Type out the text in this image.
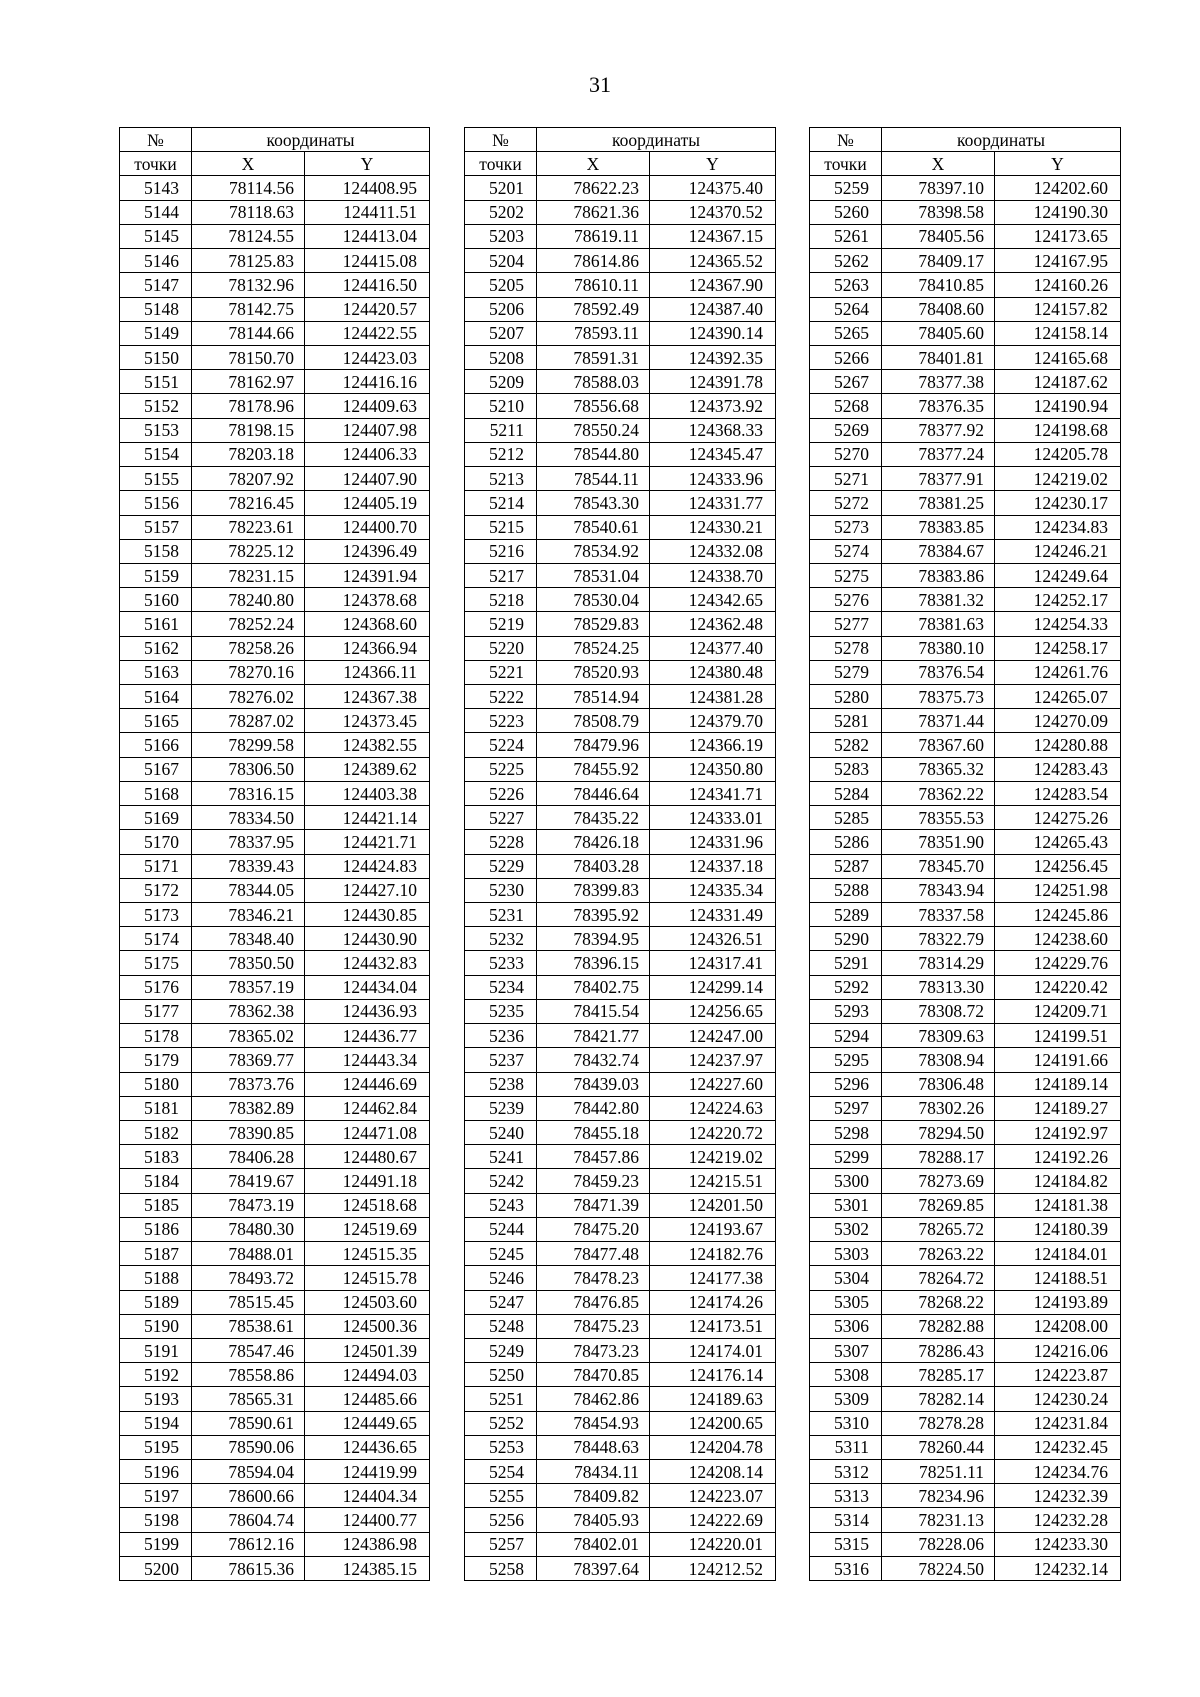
31
№	координаты	
точки	X	Y
5143	78114.56	124408.95
5144	78118.63	124411.51
5145	78124.55	124413.04
5146	78125.83	124415.08
5147	78132.96	124416.50
5148	78142.75	124420.57
5149	78144.66	124422.55
5150	78150.70	124423.03
5151	78162.97	124416.16
5152	78178.96	124409.63
5153	78198.15	124407.98
5154	78203.18	124406.33
5155	78207.92	124407.90
5156	78216.45	124405.19
5157	78223.61	124400.70
5158	78225.12	124396.49
5159	78231.15	124391.94
5160	78240.80	124378.68
5161	78252.24	124368.60
5162	78258.26	124366.94
5163	78270.16	124366.11
5164	78276.02	124367.38
5165	78287.02	124373.45
5166	78299.58	124382.55
5167	78306.50	124389.62
5168	78316.15	124403.38
5169	78334.50	124421.14
5170	78337.95	124421.71
5171	78339.43	124424.83
5172	78344.05	124427.10
5173	78346.21	124430.85
5174	78348.40	124430.90
5175	78350.50	124432.83
5176	78357.19	124434.04
5177	78362.38	124436.93
5178	78365.02	124436.77
5179	78369.77	124443.34
5180	78373.76	124446.69
5181	78382.89	124462.84
5182	78390.85	124471.08
5183	78406.28	124480.67
5184	78419.67	124491.18
5185	78473.19	124518.68
5186	78480.30	124519.69
5187	78488.01	124515.35
5188	78493.72	124515.78
5189	78515.45	124503.60
5190	78538.61	124500.36
5191	78547.46	124501.39
5192	78558.86	124494.03
5193	78565.31	124485.66
5194	78590.61	124449.65
5195	78590.06	124436.65
5196	78594.04	124419.99
5197	78600.66	124404.34
5198	78604.74	124400.77
5199	78612.16	124386.98
5200	78615.36	124385.15
№	координаты	
точки	X	Y
5201	78622.23	124375.40
5202	78621.36	124370.52
5203	78619.11	124367.15
5204	78614.86	124365.52
5205	78610.11	124367.90
5206	78592.49	124387.40
5207	78593.11	124390.14
5208	78591.31	124392.35
5209	78588.03	124391.78
5210	78556.68	124373.92
5211	78550.24	124368.33
5212	78544.80	124345.47
5213	78544.11	124333.96
5214	78543.30	124331.77
5215	78540.61	124330.21
5216	78534.92	124332.08
5217	78531.04	124338.70
5218	78530.04	124342.65
5219	78529.83	124362.48
5220	78524.25	124377.40
5221	78520.93	124380.48
5222	78514.94	124381.28
5223	78508.79	124379.70
5224	78479.96	124366.19
5225	78455.92	124350.80
5226	78446.64	124341.71
5227	78435.22	124333.01
5228	78426.18	124331.96
5229	78403.28	124337.18
5230	78399.83	124335.34
5231	78395.92	124331.49
5232	78394.95	124326.51
5233	78396.15	124317.41
5234	78402.75	124299.14
5235	78415.54	124256.65
5236	78421.77	124247.00
5237	78432.74	124237.97
5238	78439.03	124227.60
5239	78442.80	124224.63
5240	78455.18	124220.72
5241	78457.86	124219.02
5242	78459.23	124215.51
5243	78471.39	124201.50
5244	78475.20	124193.67
5245	78477.48	124182.76
5246	78478.23	124177.38
5247	78476.85	124174.26
5248	78475.23	124173.51
5249	78473.23	124174.01
5250	78470.85	124176.14
5251	78462.86	124189.63
5252	78454.93	124200.65
5253	78448.63	124204.78
5254	78434.11	124208.14
5255	78409.82	124223.07
5256	78405.93	124222.69
5257	78402.01	124220.01
5258	78397.64	124212.52
№	координаты	
точки	X	Y
5259	78397.10	124202.60
5260	78398.58	124190.30
5261	78405.56	124173.65
5262	78409.17	124167.95
5263	78410.85	124160.26
5264	78408.60	124157.82
5265	78405.60	124158.14
5266	78401.81	124165.68
5267	78377.38	124187.62
5268	78376.35	124190.94
5269	78377.92	124198.68
5270	78377.24	124205.78
5271	78377.91	124219.02
5272	78381.25	124230.17
5273	78383.85	124234.83
5274	78384.67	124246.21
5275	78383.86	124249.64
5276	78381.32	124252.17
5277	78381.63	124254.33
5278	78380.10	124258.17
5279	78376.54	124261.76
5280	78375.73	124265.07
5281	78371.44	124270.09
5282	78367.60	124280.88
5283	78365.32	124283.43
5284	78362.22	124283.54
5285	78355.53	124275.26
5286	78351.90	124265.43
5287	78345.70	124256.45
5288	78343.94	124251.98
5289	78337.58	124245.86
5290	78322.79	124238.60
5291	78314.29	124229.76
5292	78313.30	124220.42
5293	78308.72	124209.71
5294	78309.63	124199.51
5295	78308.94	124191.66
5296	78306.48	124189.14
5297	78302.26	124189.27
5298	78294.50	124192.97
5299	78288.17	124192.26
5300	78273.69	124184.82
5301	78269.85	124181.38
5302	78265.72	124180.39
5303	78263.22	124184.01
5304	78264.72	124188.51
5305	78268.22	124193.89
5306	78282.88	124208.00
5307	78286.43	124216.06
5308	78285.17	124223.87
5309	78282.14	124230.24
5310	78278.28	124231.84
5311	78260.44	124232.45
5312	78251.11	124234.76
5313	78234.96	124232.39
5314	78231.13	124232.28
5315	78228.06	124233.30
5316	78224.50	124232.14
